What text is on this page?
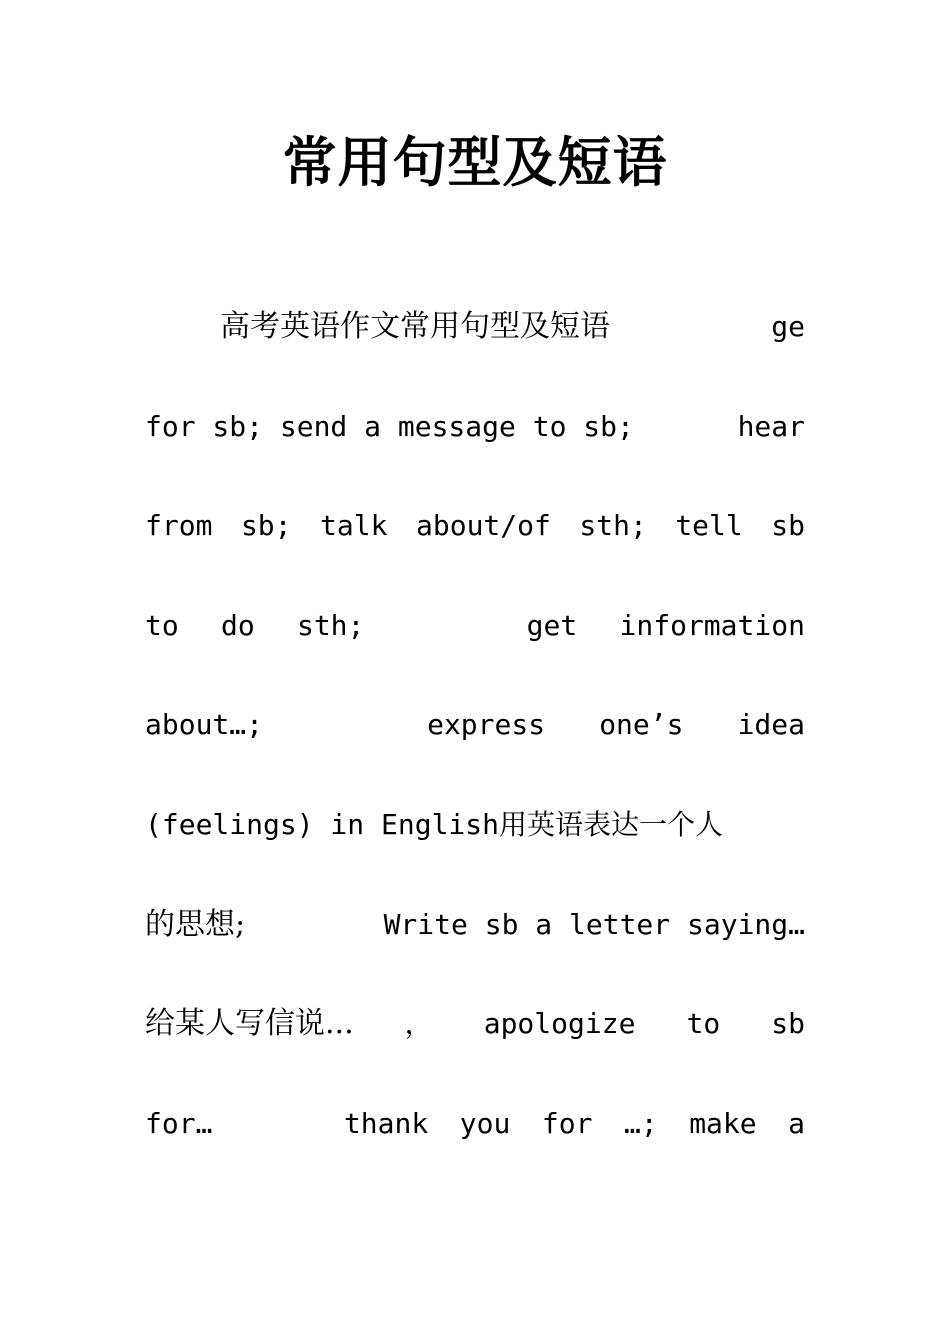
常用句型及短语
高考英语作文常用句型及短语	ge
for sb; send a message to sb;	hear
from sb; talk about/of sth; tell sb
to do sth;	get information
about…;	express one’s idea
(feelings) in English用英语表达一个人
的思想;	Write sb a letter saying…
给某人写信说... ， apologize to sb
for…	thank you for …; make a
